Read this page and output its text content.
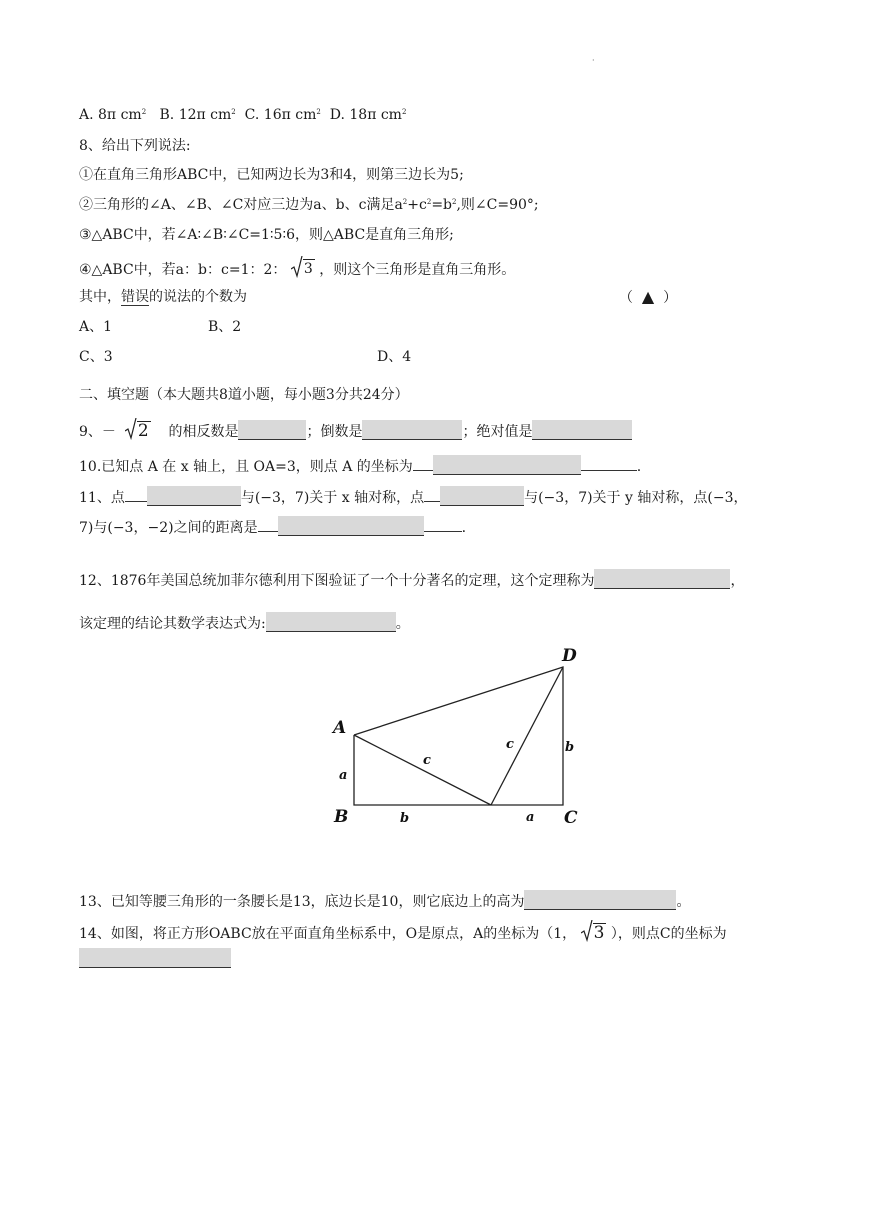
·
A. 8π $cm^2$ B. 12π $cm^2$ C. 16π $cm^2$ D. 18π $cm^2$
8、给出下列说法:
①在直角三角形ABC中，已知两边长为3和4，则第三边长为5;
②三角形的∠A、∠B、∠C对应三边为a、b、c满足$a^2+c^2=b^2$,则∠C=90°;
③△ABC中，若∠A∶∠B∶∠C=1∶5∶6，则△ABC是直角三角形;
④△ABC中，若a：b：c=1：2： 3 ，则这个三角形是直角三角形。
其中，错误的说法的个数为	（ ▲ ）
A、1	B、2
C、3	D、4
二、填空题（本大题共8道小题，每小题3分共24分）
9、－ 2 的相反数是	；倒数是	；绝对值是
10.已知点 A 在 x 轴上，且 OA=3，则点 A 的坐标为	.
11、点	与(−3，7)关于 x 轴对称，点	与(−3，7)关于 y 轴对称，点(−3，
7)与(−3，−2)之间的距离是	.
12、1876年美国总统加菲尔德利用下图验证了一个十分著名的定理，这个定理称为	，
该定理的结论其数学表达式为:	。
A
B	C
D
a
b	a
b
c
c
13、已知等腰三角形的一条腰长是13，底边长是10，则它底边上的高为	。
14、如图，将正方形OABC放在平面直角坐标系中，O是原点，A的坐标为（1， 3 ），则点C的坐标为
